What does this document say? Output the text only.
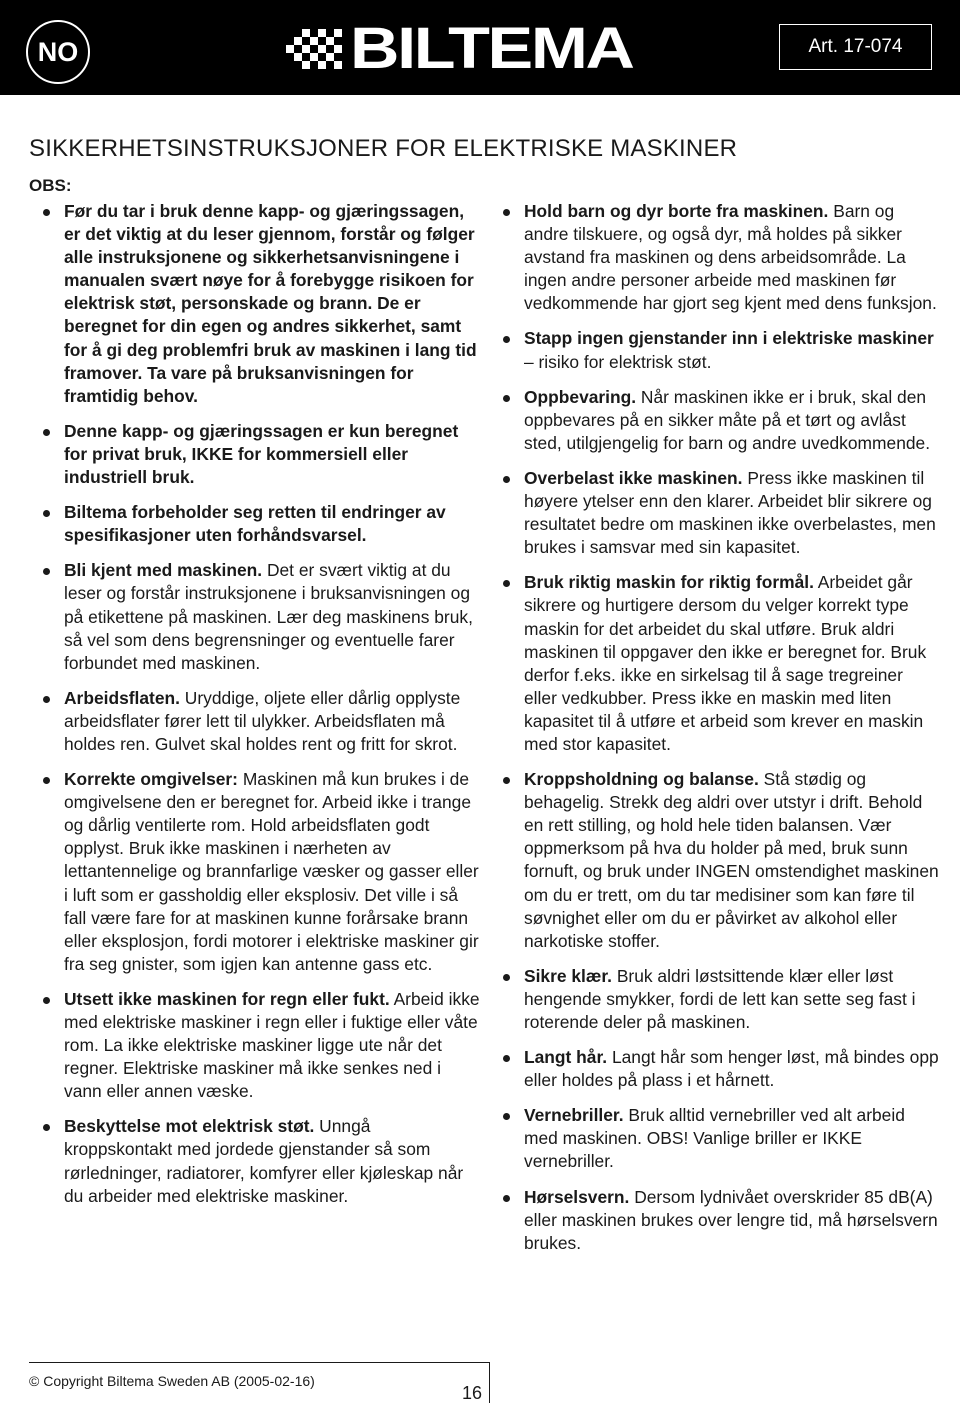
NO	BILTEMA	Art. 17-074
SIKKERHETSINSTRUKSJONER FOR ELEKTRISKE MASKINER
OBS:
Før du tar i bruk denne kapp- og gjæringssagen, er det viktig at du leser gjennom, forstår og følger alle instruksjonene og sikkerhetsanvisningene i manualen svært nøye for å forebygge risikoen for elektrisk støt, personskade og brann. De er beregnet for din egen og andres sikkerhet, samt for å gi deg problemfri bruk av maskinen i lang tid framover. Ta vare på bruksanvisningen for framtidig behov.
Denne kapp- og gjæringssagen er kun beregnet for privat bruk, IKKE for kommersiell eller industriell bruk.
Biltema forbeholder seg retten til endringer av spesifikasjoner uten forhåndsvarsel.
Bli kjent med maskinen. Det er svært viktig at du leser og forstår instruksjonene i bruksanvisningen og på etikettene på maskinen. Lær deg maskinens bruk, så vel som dens begrensninger og eventuelle farer forbundet med maskinen.
Arbeidsflaten. Uryddige, oljete eller dårlig opplyste arbeidsflater fører lett til ulykker. Arbeidsflaten må holdes ren. Gulvet skal holdes rent og fritt for skrot.
Korrekte omgivelser: Maskinen må kun brukes i de omgivelsene den er beregnet for. Arbeid ikke i trange og dårlig ventilerte rom. Hold arbeidsflaten godt opplyst. Bruk ikke maskinen i nærheten av lettantennelige og brannfarlige væsker og gasser eller i luft som er gassholdig eller eksplosiv. Det ville i så fall være fare for at maskinen kunne forårsake brann eller eksplosjon, fordi motorer i elektriske maskiner gir fra seg gnister, som igjen kan antenne gass etc.
Utsett ikke maskinen for regn eller fukt. Arbeid ikke med elektriske maskiner i regn eller i fuktige eller våte rom. La ikke elektriske maskiner ligge ute når det regner. Elektriske maskiner må ikke senkes ned i vann eller annen væske.
Beskyttelse mot elektrisk støt. Unngå kroppskontakt med jordede gjenstander så som rørledninger, radiatorer, komfyrer eller kjøleskap når du arbeider med elektriske maskiner.
Hold barn og dyr borte fra maskinen. Barn og andre tilskuere, og også dyr, må holdes på sikker avstand fra maskinen og dens arbeidsområde. La ingen andre personer arbeide med maskinen før vedkommende har gjort seg kjent med dens funksjon.
Stapp ingen gjenstander inn i elektriske maskiner – risiko for elektrisk støt.
Oppbevaring. Når maskinen ikke er i bruk, skal den oppbevares på en sikker måte på et tørt og avlåst sted, utilgjengelig for barn og andre uvedkommende.
Overbelast ikke maskinen. Press ikke maskinen til høyere ytelser enn den klarer. Arbeidet blir sikrere og resultatet bedre om maskinen ikke overbelastes, men brukes i samsvar med sin kapasitet.
Bruk riktig maskin for riktig formål. Arbeidet går sikrere og hurtigere dersom du velger korrekt type maskin for det arbeidet du skal utføre. Bruk aldri maskinen til oppgaver den ikke er beregnet for. Bruk derfor f.eks. ikke en sirkelsag til å sage tregreiner eller vedkubber. Press ikke en maskin med liten kapasitet til å utføre et arbeid som krever en maskin med stor kapasitet.
Kroppsholdning og balanse. Stå stødig og behagelig. Strekk deg aldri over utstyr i drift. Behold en rett stilling, og hold hele tiden balansen. Vær oppmerksom på hva du holder på med, bruk sunn fornuft, og bruk under INGEN omstendighet maskinen om du er trett, om du tar medisiner som kan føre til søvnighet eller om du er påvirket av alkohol eller narkotiske stoffer.
Sikre klær. Bruk aldri løstsittende klær eller løst hengende smykker, fordi de lett kan sette seg fast i roterende deler på maskinen.
Langt hår. Langt hår som henger løst, må bindes opp eller holdes på plass i et hårnett.
Vernebriller. Bruk alltid vernebriller ved alt arbeid med maskinen. OBS! Vanlige briller er IKKE vernebriller.
Hørselsvern. Dersom lydnivået overskrider 85 dB(A) eller maskinen brukes over lengre tid, må hørselsvern brukes.
© Copyright Biltema Sweden AB (2005-02-16)
16
